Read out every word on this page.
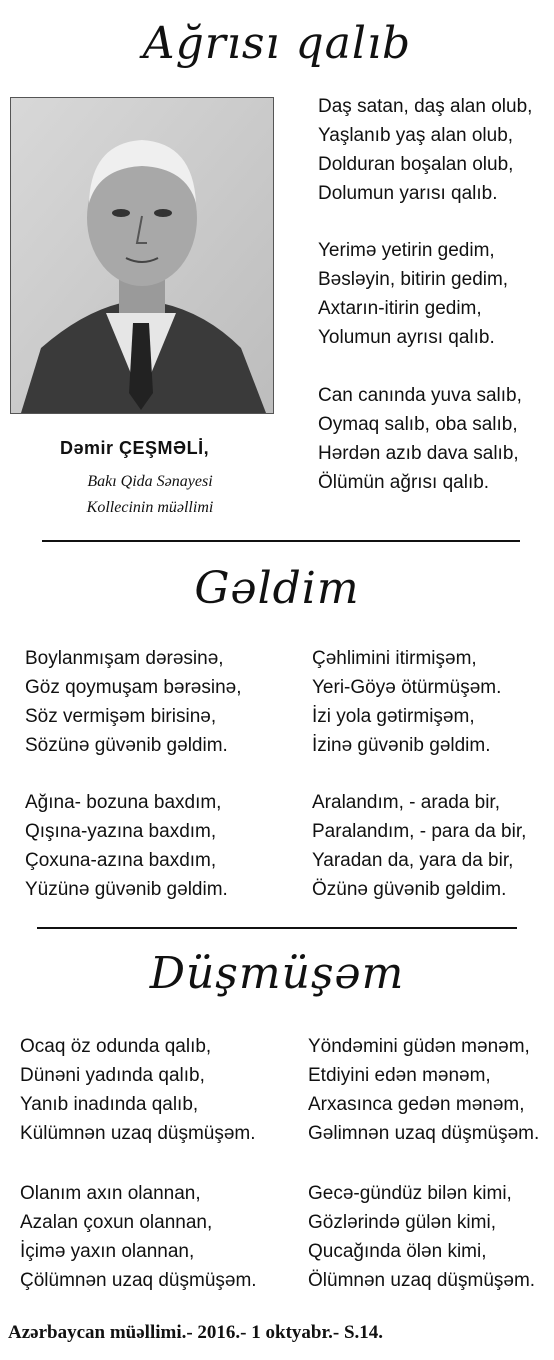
Ağrısı qalıb
Dəmir ÇEŞMƏLİ,
Bakı Qida Sənayesi
Kollecinin müəllimi
Daş satan, daş alan olub,
Yaşlanıb yaş alan olub,
Dolduran boşalan olub,
Dolumun yarısı qalıb.
Yerimə yetirin gedim,
Bəsləyin, bitirin gedim,
Axtarın-itirin gedim,
Yolumun ayrısı qalıb.
Can canında yuva salıb,
Oymaq salıb, oba salıb,
Hərdən azıb dava salıb,
Ölümün ağrısı qalıb.
Gəldim
Boylanmışam dərəsinə,
Göz qoymuşam bərəsinə,
Söz vermişəm birisinə,
Sözünə güvənib gəldim.
Ağına- bozuna baxdım,
Qışına-yazına baxdım,
Çoxuna-azına baxdım,
Yüzünə güvənib gəldim.
Çəhlimini itirmişəm,
Yeri-Göyə ötürmüşəm.
İzi yola gətirmişəm,
İzinə güvənib gəldim.
Aralandım, - arada bir,
Paralandım, - para da bir,
Yaradan da, yara da bir,
Özünə güvənib gəldim.
Düşmüşəm
Ocaq öz odunda qalıb,
Dünəni yadında qalıb,
Yanıb inadında qalıb,
Külümnən uzaq düşmüşəm.
Olanım axın olannan,
Azalan çoxun olannan,
İçimə yaxın olannan,
Çölümnən uzaq düşmüşəm.
Yöndəmini güdən mənəm,
Etdiyini edən mənəm,
Arxasınca gedən mənəm,
Gəlimnən uzaq düşmüşəm.
Gecə-gündüz bilən kimi,
Gözlərində gülən kimi,
Qucağında ölən kimi,
Ölümnən uzaq düşmüşəm.
Azərbaycan müəllimi.- 2016.- 1 oktyabr.- S.14.
